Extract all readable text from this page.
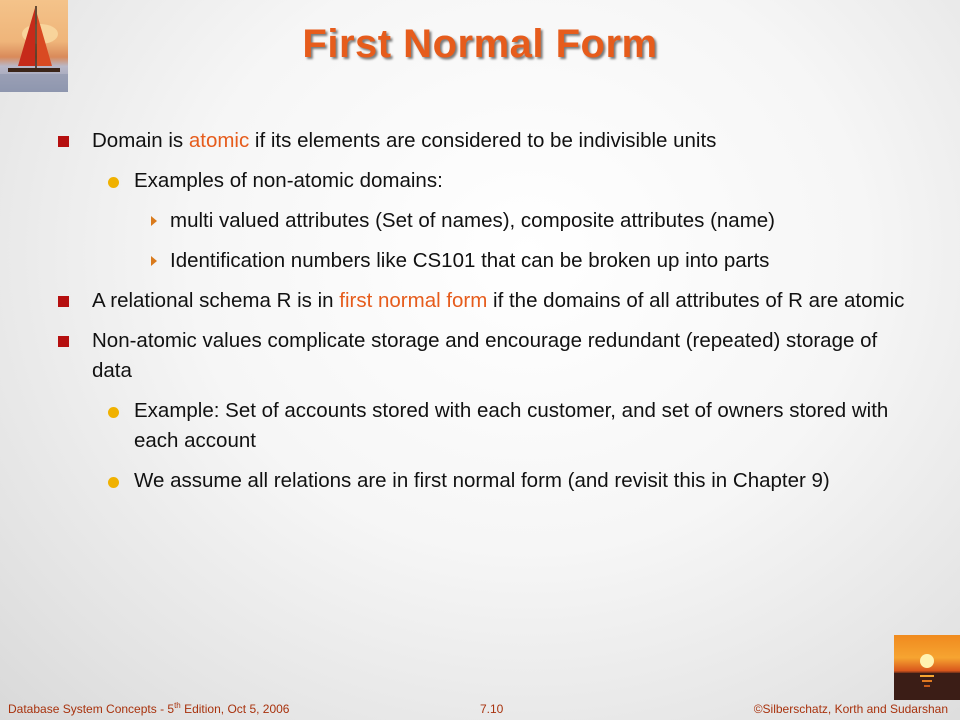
First Normal Form
Domain is atomic if its elements are considered to be indivisible units
Examples of non-atomic domains:
multi valued attributes (Set of names), composite attributes (name)
Identification numbers like CS101 that can be broken up into parts
A relational schema R is in first normal form if the domains of all attributes of R are atomic
Non-atomic values complicate storage and encourage redundant (repeated) storage of data
Example: Set of accounts stored with each customer, and set of owners stored with each account
We assume all relations are in first normal form (and revisit this in Chapter 9)
Database System Concepts - 5th Edition, Oct 5, 2006	7.10	©Silberschatz, Korth and Sudarshan
